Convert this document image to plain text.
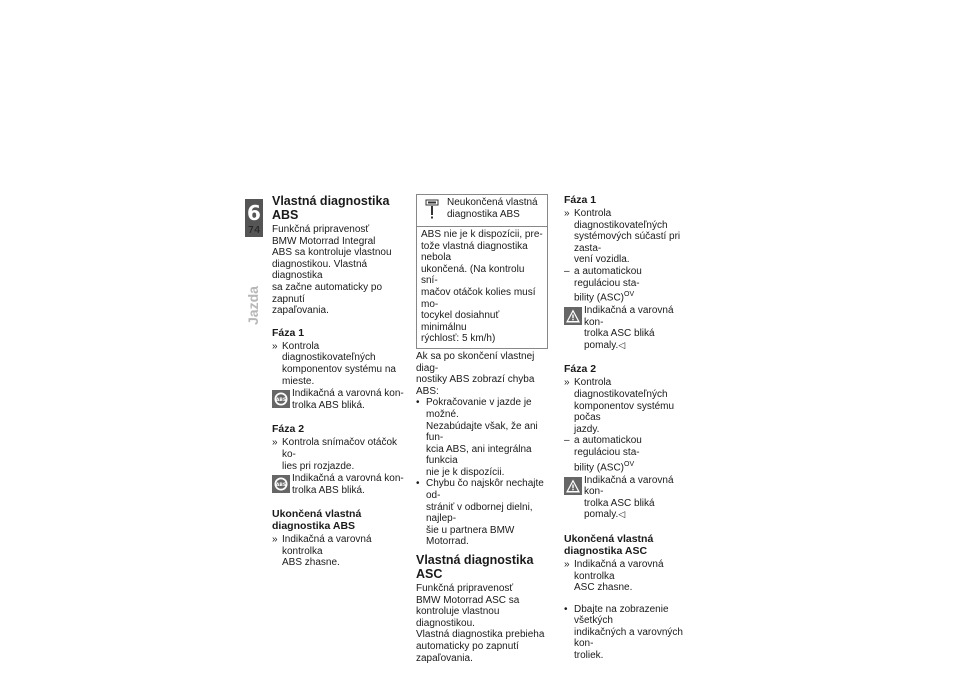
6
74
Jazda
Vlastná diagnostika ABS

Funkčná pripravenosť
BMW Motorrad Integral
ABS sa kontroluje vlastnou
diagnostikou. Vlastná diagnostika
sa začne automaticky po zapnutí
zapaľovania.

Fáza 1
» Kontrola diagnostikovateľných
komponentov systému na
mieste.
ABS
Indikačná a varovná kon-
trolka ABS bliká.
Fáza 2
» Kontrola snímačov otáčok ko-
lies pri rozjazde.
ABS
Indikačná a varovná kon-
trolka ABS bliká.
Ukončená vlastná
diagnostika ABS
» Indikačná a varovná kontrolka
ABS zhasne.
Neukončená vlastná
diagnostika ABS
ABS nie je k dispozícii, pre-
tože vlastná diagnostika nebola
ukončená. (Na kontrolu sní-
mačov otáčok kolies musí mo-
tocykel dosiahnuť minimálnu
rýchlosť: 5 km/h)

Ak sa po skončení vlastnej diag-
nostiky ABS zobrazí chyba ABS:

• Pokračovanie v jazde je možné.
Nezabúdajte však, že ani fun-
kcia ABS, ani integrálna funkcia
nie je k dispozícii.
• Chybu čo najskôr nechajte od-
strániť v odbornej dielni, najlep-
šie u partnera BMW Motorrad.
Vlastná diagnostika ASC

Funkčná pripravenosť
BMW Motorrad ASC sa
kontroluje vlastnou diagnostikou.
Vlastná diagnostika prebieha
automaticky po zapnutí
zapaľovania.

Fáza 1
» Kontrola diagnostikovateľných
systémových súčastí pri zasta-
vení vozidla.
– a automatickou reguláciou sta-
bility (ASC)$^{OV}$
Indikačná a varovná kon-
trolka ASC bliká pomaly.◁
Fáza 2
» Kontrola diagnostikovateľných
komponentov systému počas
jazdy.
– a automatickou reguláciou sta-
bility (ASC)$^{OV}$
Indikačná a varovná kon-
trolka ASC bliká pomaly.◁
Ukončená vlastná
diagnostika ASC
» Indikačná a varovná kontrolka
ASC zhasne.
• Dbajte na zobrazenie všetkých
indikačných a varovných kon-
troliek.
